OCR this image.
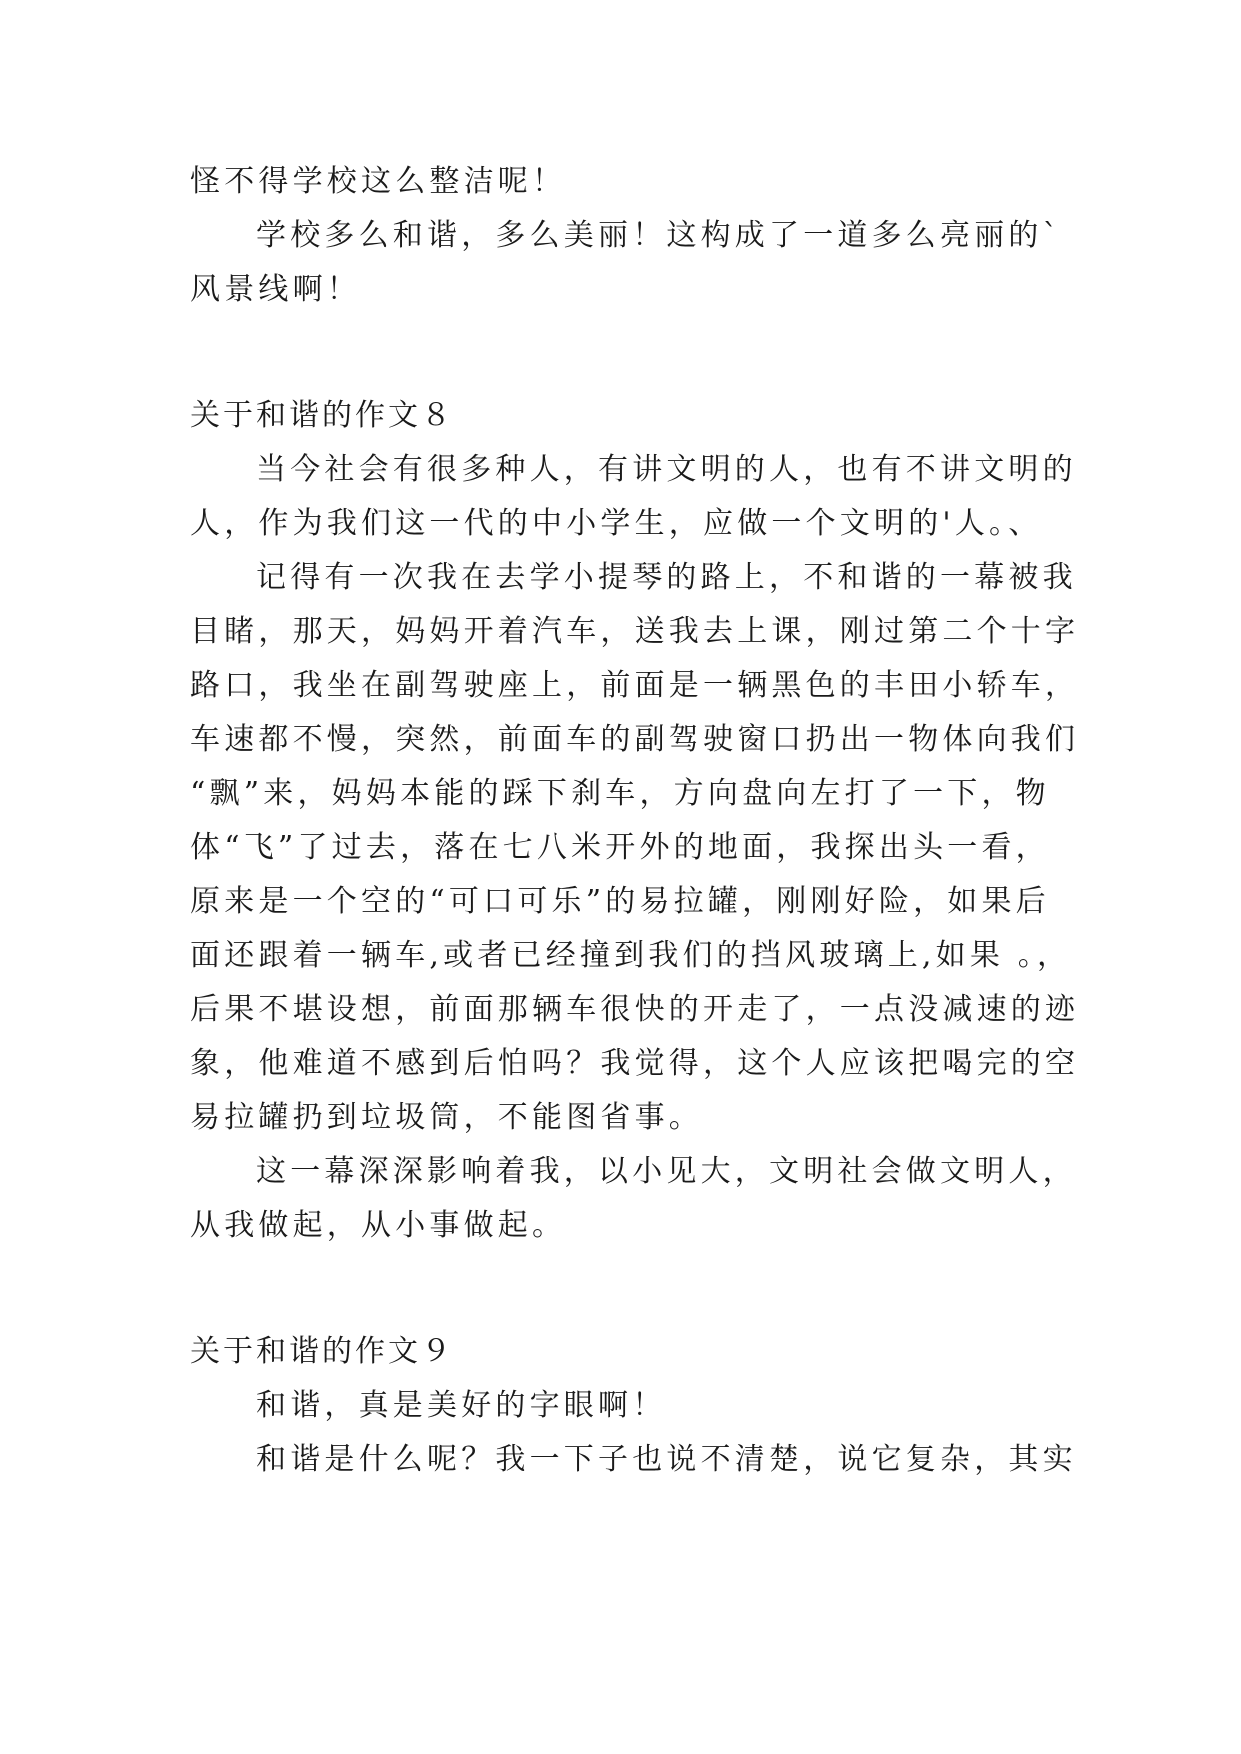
怪不得学校这么整洁呢！
学校多么和谐，多么美丽！这构成了一道多么亮丽的`
风景线啊！
关于和谐的作文８
当今社会有很多种人，有讲文明的人，也有不讲文明的
人，作为我们这一代的中小学生，应做一个文明的'人。、
记得有一次我在去学小提琴的路上，不和谐的一幕被我
目睹，那天，妈妈开着汽车，送我去上课，刚过第二个十字
路口，我坐在副驾驶座上，前面是一辆黑色的丰田小轿车，
车速都不慢，突然，前面车的副驾驶窗口扔出一物体向我们
“飘”来，妈妈本能的踩下刹车，方向盘向左打了一下，物
体“飞”了过去，落在七八米开外的地面，我探出头一看，
原来是一个空的“可口可乐”的易拉罐，刚刚好险，如果后
面还跟着一辆车,或者已经撞到我们的挡风玻璃上,如果 。，
后果不堪设想，前面那辆车很快的开走了，一点没减速的迹
象，他难道不感到后怕吗？我觉得，这个人应该把喝完的空
易拉罐扔到垃圾筒，不能图省事。
这一幕深深影响着我，以小见大，文明社会做文明人，
从我做起，从小事做起。
关于和谐的作文９
和谐，真是美好的字眼啊！
和谐是什么呢？我一下子也说不清楚，说它复杂，其实
